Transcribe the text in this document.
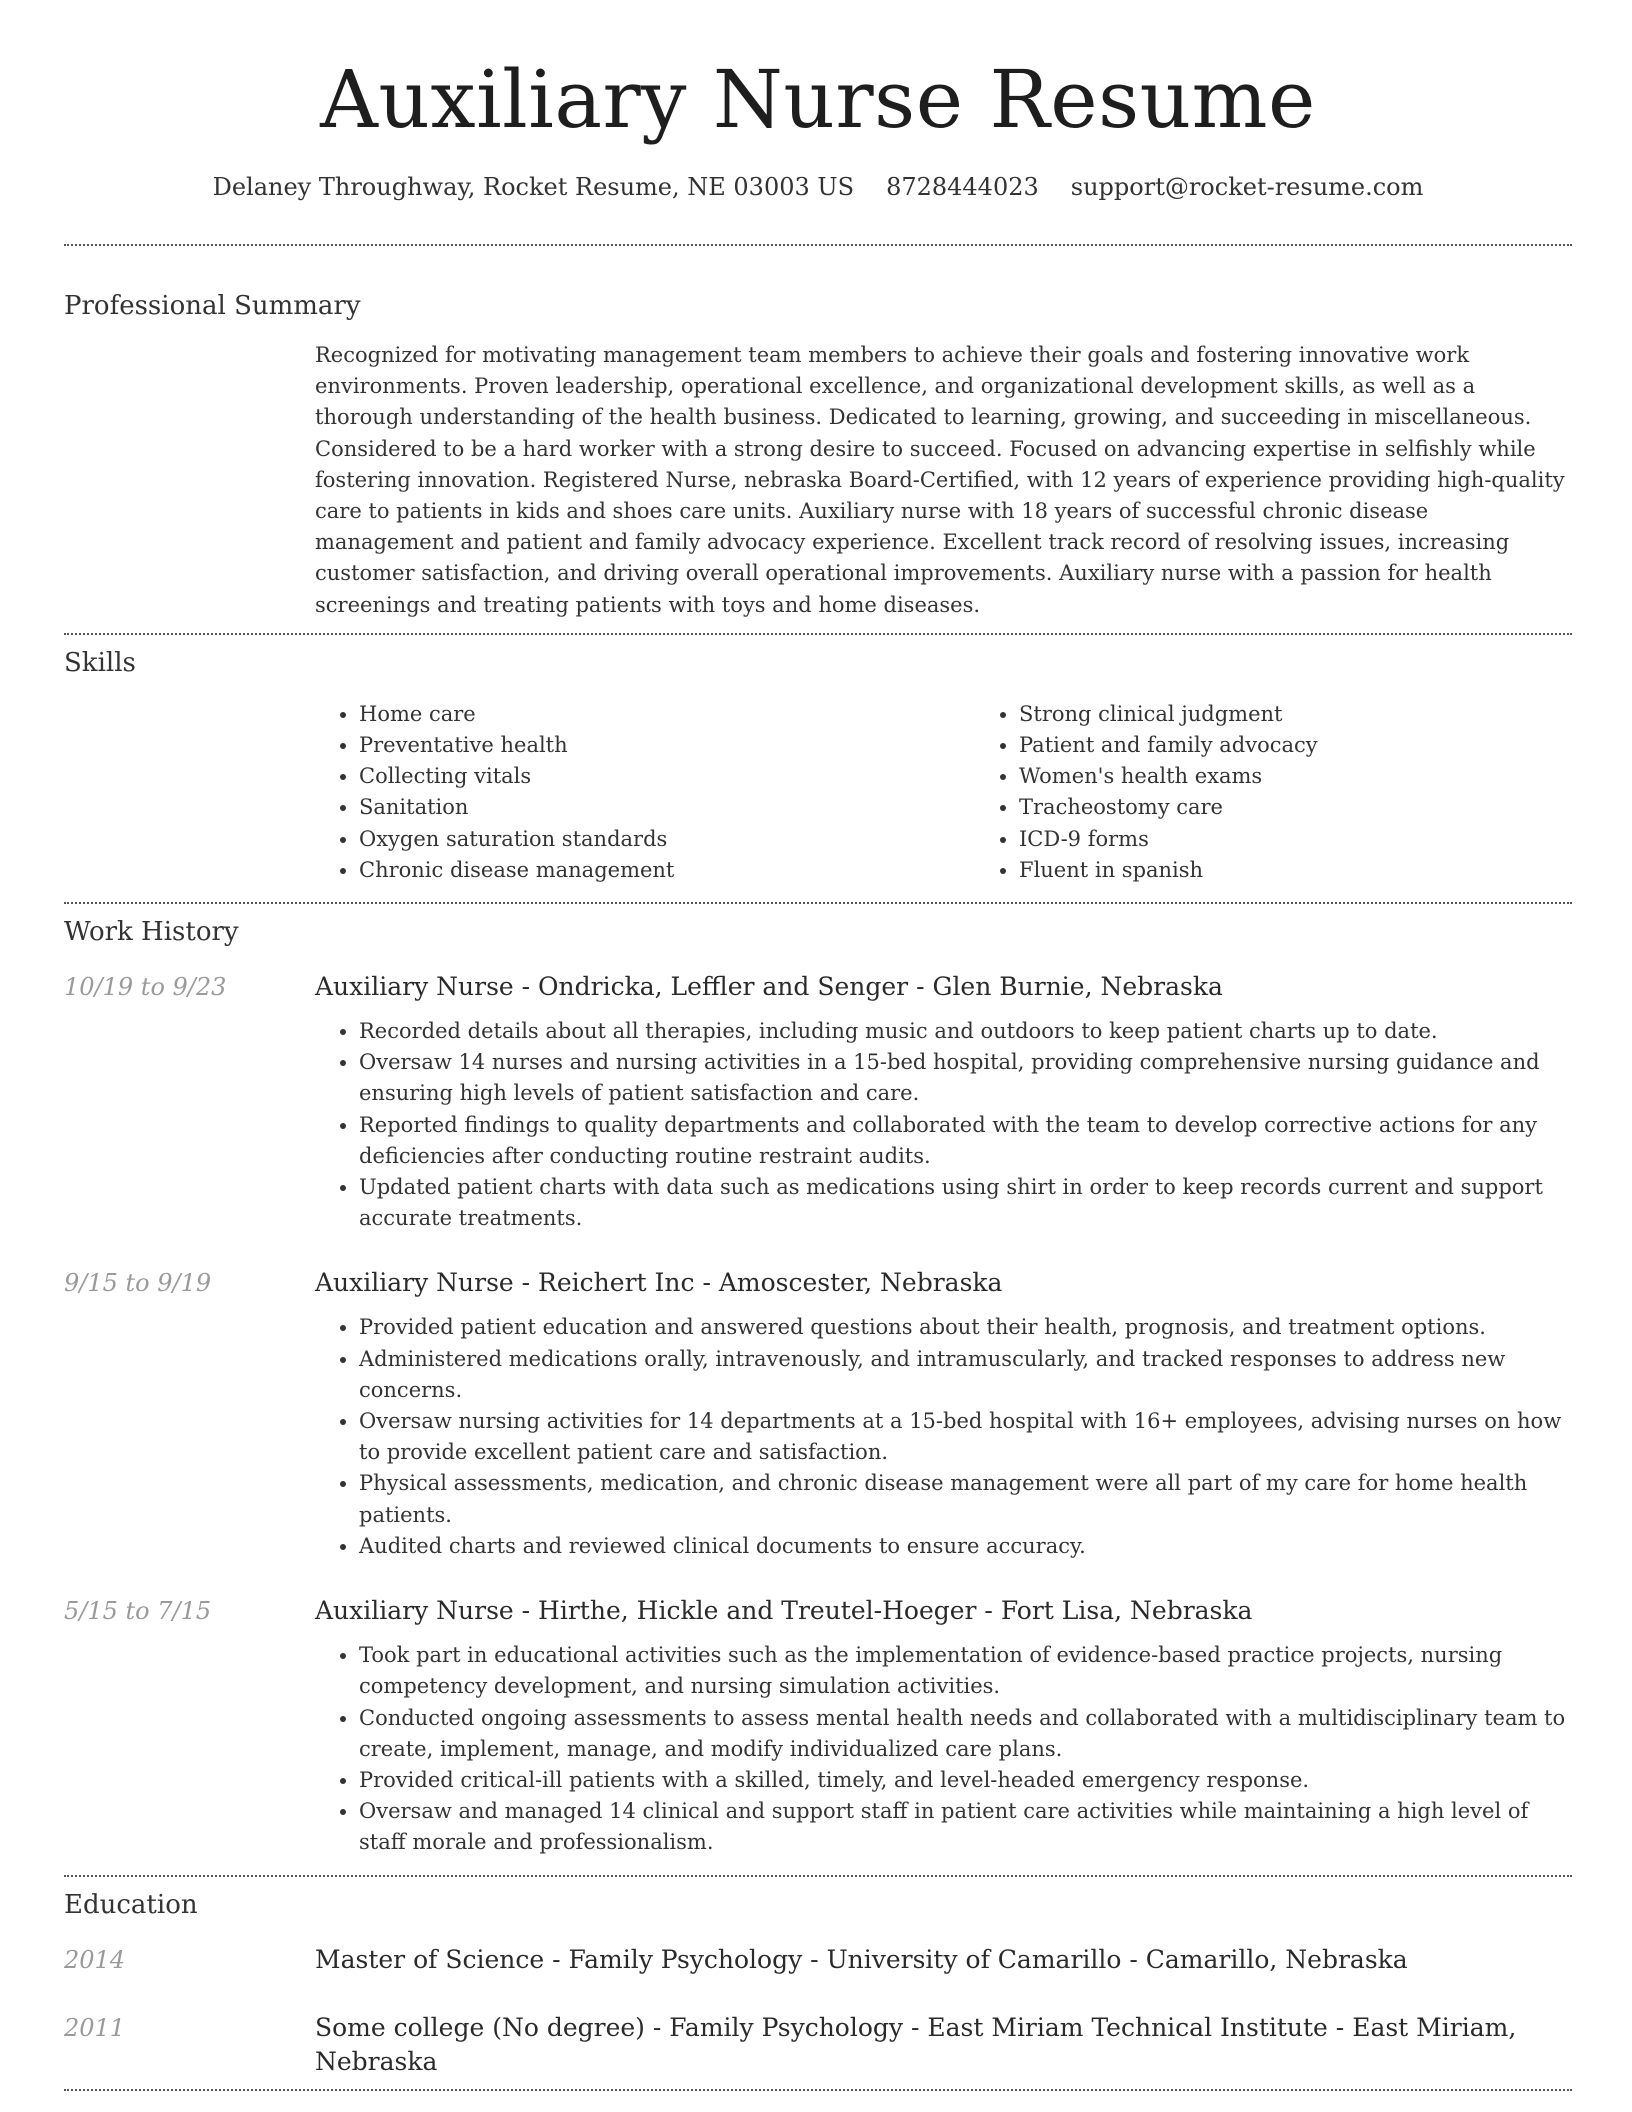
Auxiliary Nurse Resume
Delaney Throughway, Rocket Resume, NE 03003 US 8728444023 support@rocket-resume.com
Professional Summary

Recognized for motivating management team members to achieve their goals and fostering innovative work environments. Proven leadership, operational excellence, and organizational development skills, as well as a thorough understanding of the health business. Dedicated to learning, growing, and succeeding in miscellaneous. Considered to be a hard worker with a strong desire to succeed. Focused on advancing expertise in selfishly while fostering innovation. Registered Nurse, nebraska Board-Certified, with 12 years of experience providing high-quality care to patients in kids and shoes care units. Auxiliary nurse with 18 years of successful chronic disease management and patient and family advocacy experience. Excellent track record of resolving issues, increasing customer satisfaction, and driving overall operational improvements. Auxiliary nurse with a passion for health screenings and treating patients with toys and home diseases.

Skills
• Home care
• Preventative health
• Collecting vitals
• Sanitation
• Oxygen saturation standards
• Chronic disease management
• Strong clinical judgment
• Patient and family advocacy
• Women's health exams
• Tracheostomy care
• ICD-9 forms
• Fluent in spanish
Work History
10/19 to 9/23	Auxiliary Nurse - Ondricka, Leffler and Senger - Glen Burnie, Nebraska
• Recorded details about all therapies, including music and outdoors to keep patient charts up to date.
• Oversaw 14 nurses and nursing activities in a 15-bed hospital, providing comprehensive nursing guidance and ensuring high levels of patient satisfaction and care.
• Reported findings to quality departments and collaborated with the team to develop corrective actions for any deficiencies after conducting routine restraint audits.
• Updated patient charts with data such as medications using shirt in order to keep records current and support accurate treatments.
9/15 to 9/19	Auxiliary Nurse - Reichert Inc - Amoscester, Nebraska
• Provided patient education and answered questions about their health, prognosis, and treatment options.
• Administered medications orally, intravenously, and intramuscularly, and tracked responses to address new concerns.
• Oversaw nursing activities for 14 departments at a 15-bed hospital with 16+ employees, advising nurses on how to provide excellent patient care and satisfaction.
• Physical assessments, medication, and chronic disease management were all part of my care for home health patients.
• Audited charts and reviewed clinical documents to ensure accuracy.
5/15 to 7/15	Auxiliary Nurse - Hirthe, Hickle and Treutel-Hoeger - Fort Lisa, Nebraska
• Took part in educational activities such as the implementation of evidence-based practice projects, nursing competency development, and nursing simulation activities.
• Conducted ongoing assessments to assess mental health needs and collaborated with a multidisciplinary team to create, implement, manage, and modify individualized care plans.
• Provided critical-ill patients with a skilled, timely, and level-headed emergency response.
• Oversaw and managed 14 clinical and support staff in patient care activities while maintaining a high level of staff morale and professionalism.
Education
2014	Master of Science - Family Psychology - University of Camarillo - Camarillo, Nebraska
2011	Some college (No degree) - Family Psychology - East Miriam Technical Institute - East Miriam, Nebraska
